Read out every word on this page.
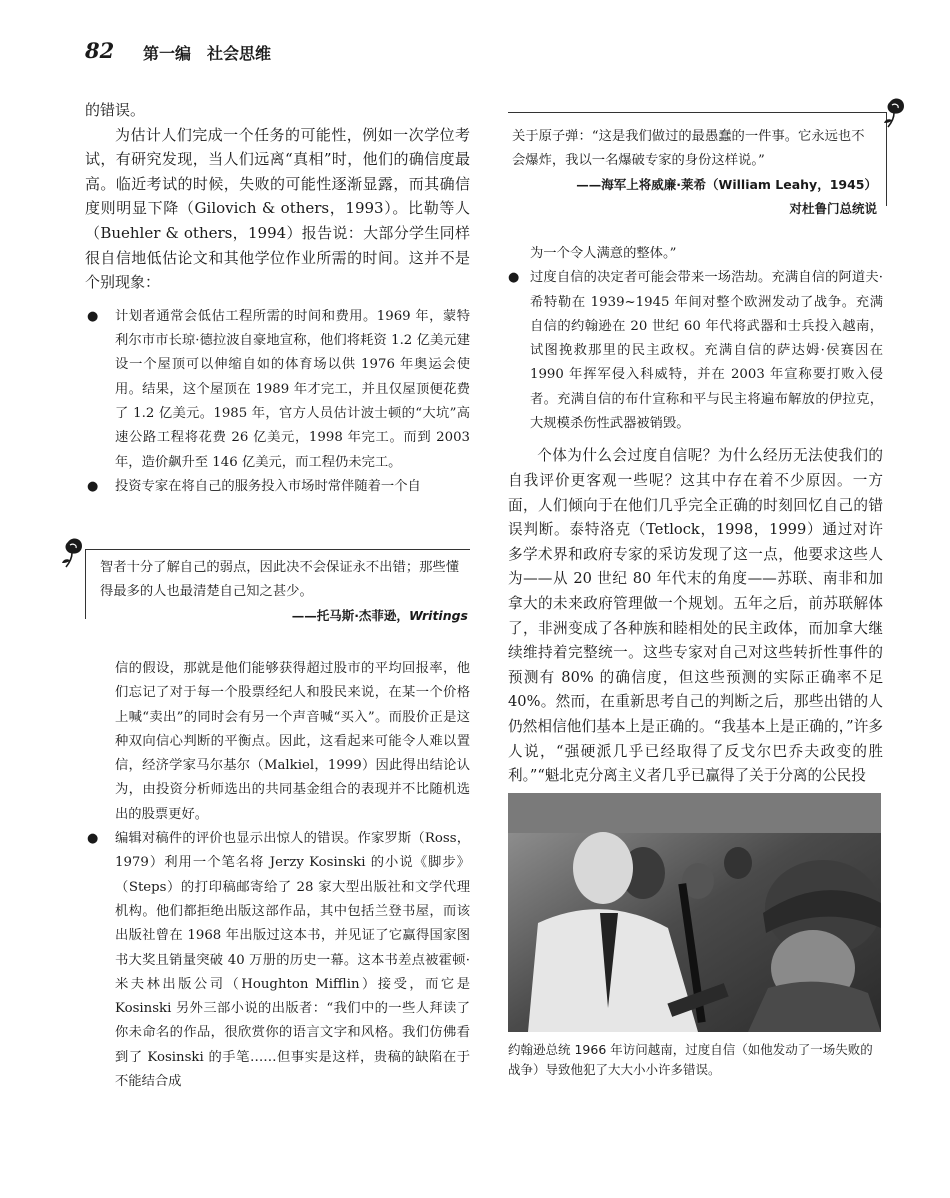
82 第一编　社会思维

的错误。

为估计人们完成一个任务的可能性，例如一次学位考试，有研究发现，当人们远离“真相”时，他们的确信度最高。临近考试的时候，失败的可能性逐渐显露，而其确信度则明显下降（Gilovich & others，1993）。比勒等人（Buehler & others，1994）报告说：大部分学生同样很自信地低估论文和其他学位作业所需的时间。这并不是个别现象：

● 计划者通常会低估工程所需的时间和费用。1969 年，蒙特利尔市市长琼·德拉波自豪地宣称，他们将耗资 1.2 亿美元建设一个屋顶可以伸缩自如的体育场以供 1976 年奥运会使用。结果，这个屋顶在 1989 年才完工，并且仅屋顶便花费了 1.2 亿美元。1985 年，官方人员估计波士顿的“大坑”高速公路工程将花费 26 亿美元，1998 年完工。而到 2003 年，造价飙升至 146 亿美元，而工程仍未完工。
● 投资专家在将自己的服务投入市场时常伴随着一个自
智者十分了解自己的弱点，因此决不会保证永不出错；那些懂得最多的人也最清楚自己知之甚少。
——托马斯·杰菲逊，Writings
信的假设，那就是他们能够获得超过股市的平均回报率，他们忘记了对于每一个股票经纪人和股民来说，在某一个价格上喊“卖出”的同时会有另一个声音喊“买入”。而股价正是这种双向信心判断的平衡点。因此，这看起来可能令人难以置信，经济学家马尔基尔（Malkiel，1999）因此得出结论认为，由投资分析师选出的共同基金组合的表现并不比随机选出的股票更好。
● 编辑对稿件的评价也显示出惊人的错误。作家罗斯（Ross，1979）利用一个笔名将 Jerzy Kosinski 的小说《脚步》（Steps）的打印稿邮寄给了 28 家大型出版社和文学代理机构。他们都拒绝出版这部作品，其中包括兰登书屋，而该出版社曾在 1968 年出版过这本书，并见证了它赢得国家图书大奖且销量突破 40 万册的历史一幕。这本书差点被霍顿·米夫林出版公司（Houghton Mifflin）接受，而它是 Kosinski 另外三部小说的出版者：“我们中的一些人拜读了你未命名的作品，很欣赏你的语言文字和风格。我们仿佛看到了 Kosinski 的手笔……但事实是这样，贵稿的缺陷在于不能结合成
关于原子弹：“这是我们做过的最愚蠢的一件事。它永远也不会爆炸，我以一名爆破专家的身份这样说。”
——海军上将威廉·莱希（William Leahy，1945）
对杜鲁门总统说
为一个令人满意的整体。”
● 过度自信的决定者可能会带来一场浩劫。充满自信的阿道夫·希特勒在 1939~1945 年间对整个欧洲发动了战争。充满自信的约翰逊在 20 世纪 60 年代将武器和士兵投入越南，试图挽救那里的民主政权。充满自信的萨达姆·侯赛因在 1990 年挥军侵入科威特，并在 2003 年宣称要打败入侵者。充满自信的布什宣称和平与民主将遍布解放的伊拉克，大规模杀伤性武器被销毁。

个体为什么会过度自信呢？为什么经历无法使我们的自我评价更客观一些呢？这其中存在着不少原因。一方面，人们倾向于在他们几乎完全正确的时刻回忆自己的错误判断。泰特洛克（Tetlock，1998，1999）通过对许多学术界和政府专家的采访发现了这一点，他要求这些人为——从 20 世纪 80 年代末的角度——苏联、南非和加拿大的未来政府管理做一个规划。五年之后，前苏联解体了，非洲变成了各种族和睦相处的民主政体，而加拿大继续维持着完整统一。这些专家对自己对这些转折性事件的预测有 80% 的确信度，但这些预测的实际正确率不足 40%。然而，在重新思考自己的判断之后，那些出错的人仍然相信他们基本上是正确的。“我基本上是正确的，”许多人说，“强硬派几乎已经取得了反戈尔巴乔夫政变的胜利。”“魁北克分离主义者几乎已赢得了关于分离的公民投

约翰逊总统 1966 年访问越南，过度自信（如他发动了一场失败的战争）导致他犯了大大小小许多错误。
